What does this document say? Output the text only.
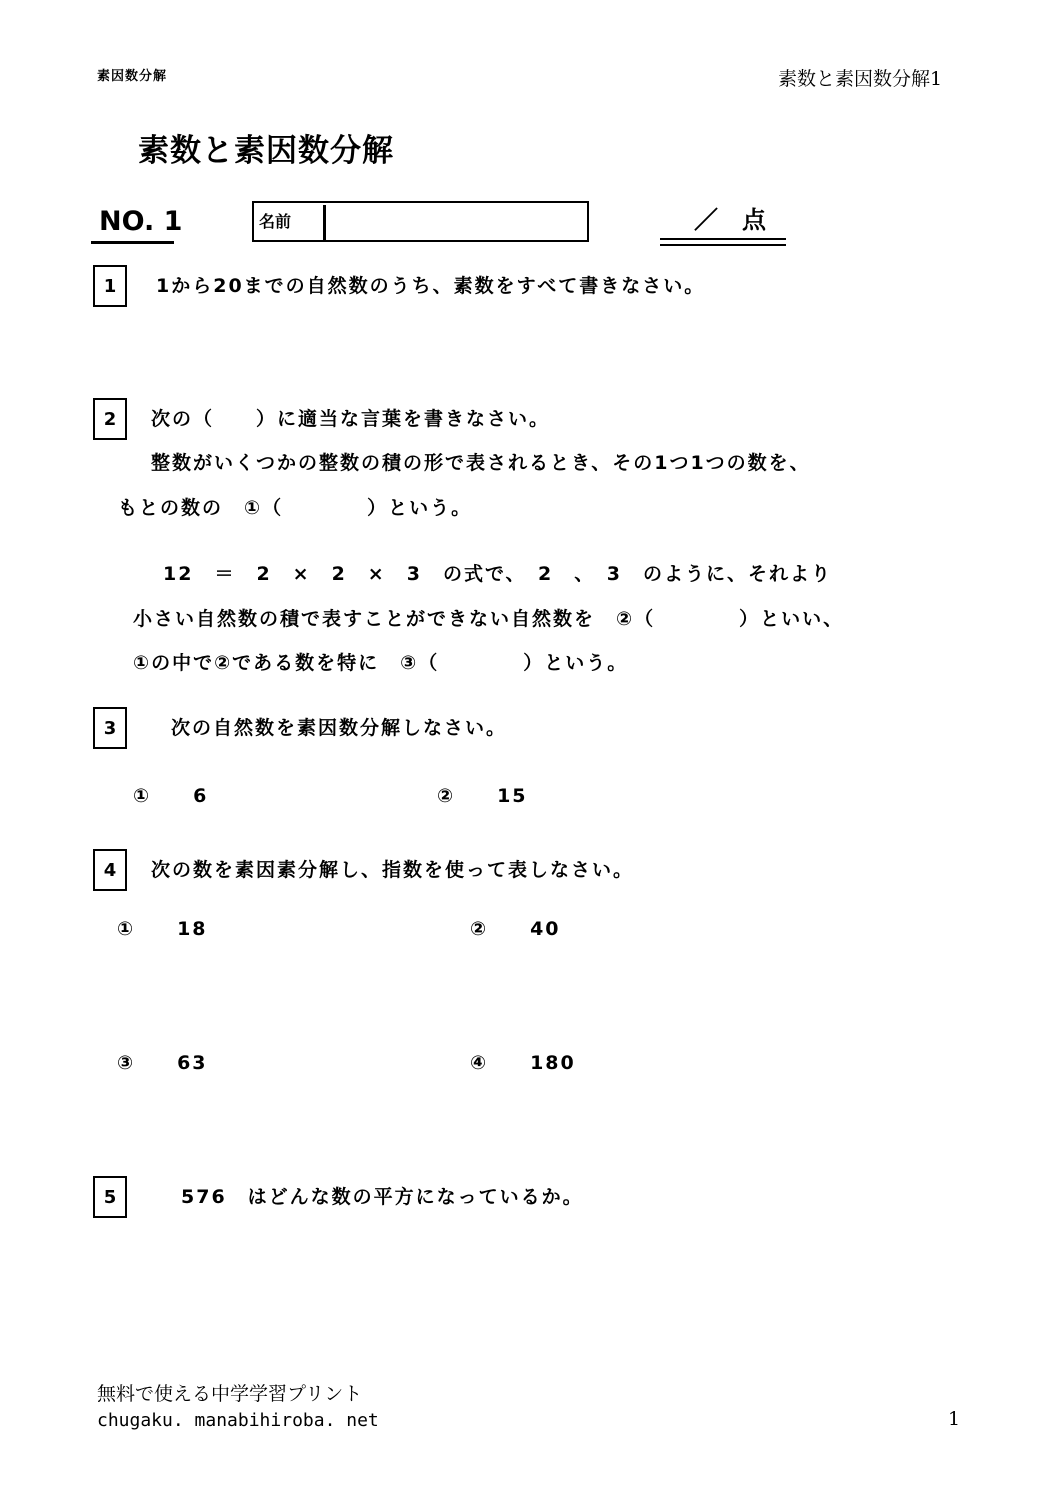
素因数分解	素数と素因数分解1
素数と素因数分解
NO. 1	名前	／　点
1	1から20までの自然数のうち、素数をすべて書きなさい。
2	次の（　　）に適当な言葉を書きなさい。
整数がいくつかの整数の積の形で表されるとき、その1つ1つの数を、
もとの数の　①（　　　　）という。
12　＝　2　×　2　×　3　の式で、　2　、　3　のように、それより
小さい自然数の積で表すことができない自然数を　②（　　　　）といい、
①の中で②である数を特に　③（　　　　）という。
3	次の自然数を素因数分解しなさい。
①　　6	②　　15
4	次の数を素因素分解し、指数を使って表しなさい。
①　　18	②　　40
③　　63	④　　180
5	576　はどんな数の平方になっているか。
無料で使える中学学習プリント
chugaku. manabihiroba. net	1
